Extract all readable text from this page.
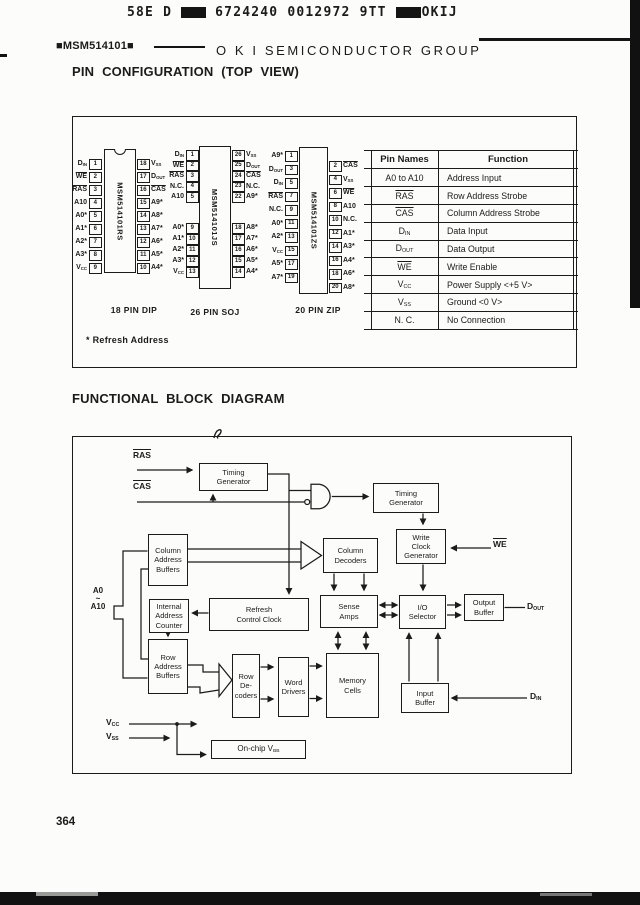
58E D	6724240 0012972 9TT	OKIJ
■MSM514101■	O K I SEMICONDUCTOR GROUP
PIN CONFIGURATION (TOP VIEW)
MSM514101RS
1
DIN
2
$\overline{WE}$
3
$\overline{RAS}$
4
A10
5
A0*
6
A1*
7
A2*
8
A3*
9
VCC
18 VSS
17 DOUT
16 $\overline{CAS}$
15 A9*
14 A8*
13 A7*
12 A6*
11 A5*
10 A4*
18 PIN DIP
MSM514101JS
1
DIN
2
$\overline{WE}$
3
$\overline{RAS}$
4
N.C.
5
A10
9
A0*
10
A1*
11
A2*
12
A3*
13
VCC
26 VSS
25 DOUT
24 $\overline{CAS}$
23 N.C.
22 A9*
18 A8*
17 A7*
16 A6*
15 A5*
14 A4*
26 PIN SOJ
MSM514101ZS
1
A9*
3
DOUT
5
DIN
7
$\overline{RAS}$
9
N.C.
11
A0*
13
A2*
15
VCC
17
A5*
19
A7*
2 $\overline{CAS}$
4 VSS
6 $\overline{WE}$
8 A10
10 N.C.
12 A1*
14 A3*
16 A4*
18 A6*
20 A8*
20 PIN ZIP
* Refresh Address
Pin Names	Function
A0 to A10	Address Input
$\overline{RAS}$	Row Address Strobe
$\overline{CAS}$	Column Address Strobe
DIN	Data Input
DOUT	Data Output
$\overline{WE}$	Write Enable
VCC	Power Supply <+5 V>
VSS	Ground <0 V>
N. C.	No Connection
FUNCTIONAL BLOCK DIAGRAM
Timing
Generator
Timing
Generator
Write
Clock
Generator
Column
Address
Buffers
Column
Decoders
Internal
Address
Counter
Refresh
Control Clock
Sense
Amps
I/O
Selector
Output
Buffer
Row
Address
Buffers	Row
De-
coders
Word
Drivers
Memory
Cells	Input
Buffer
On-chip VBB
$\overline{RAS}$
$\overline{CAS}$
$\overline{WE}$
DOUT
DIN
VCC
VSS
A0
~
A10
364
